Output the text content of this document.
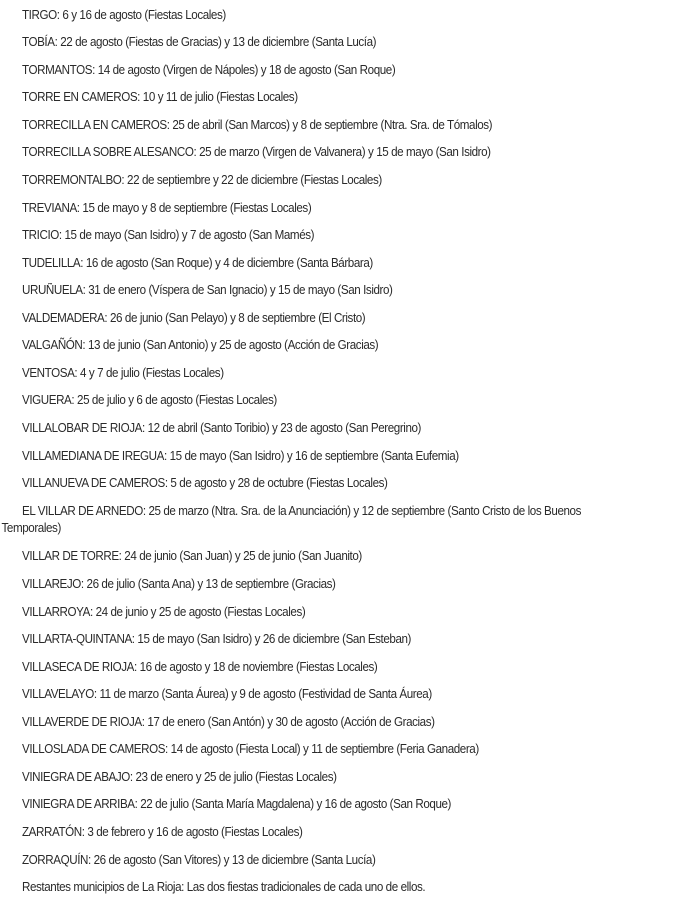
TIRGO: 6 y 16 de agosto (Fiestas Locales)
TOBÍA: 22 de agosto (Fiestas de Gracias) y 13 de diciembre (Santa Lucía)
TORMANTOS: 14 de agosto (Virgen de Nápoles) y 18 de agosto (San Roque)
TORRE EN CAMEROS: 10 y 11 de julio (Fiestas Locales)
TORRECILLA EN CAMEROS: 25 de abril (San Marcos) y 8 de septiembre (Ntra. Sra. de Tómalos)
TORRECILLA SOBRE ALESANCO: 25 de marzo (Virgen de Valvanera) y 15 de mayo (San Isidro)
TORREMONTALBO: 22 de septiembre y 22 de diciembre (Fiestas Locales)
TREVIANA: 15 de mayo y 8 de septiembre (Fiestas Locales)
TRICIO: 15 de mayo (San Isidro) y 7 de agosto (San Mamés)
TUDELILLA: 16 de agosto (San Roque) y 4 de diciembre (Santa Bárbara)
URUÑUELA: 31 de enero (Víspera de San Ignacio) y 15 de mayo (San Isidro)
VALDEMADERA: 26 de junio (San Pelayo) y 8 de septiembre (El Cristo)
VALGAÑÓN: 13 de junio (San Antonio) y 25 de agosto (Acción de Gracias)
VENTOSA: 4 y 7 de julio (Fiestas Locales)
VIGUERA: 25 de julio y 6 de agosto (Fiestas Locales)
VILLALOBAR DE RIOJA: 12 de abril (Santo Toribio) y 23 de agosto (San Peregrino)
VILLAMEDIANA DE IREGUA: 15 de mayo (San Isidro) y 16 de septiembre (Santa Eufemia)
VILLANUEVA DE CAMEROS: 5 de agosto y 28 de octubre (Fiestas Locales)
EL VILLAR DE ARNEDO: 25 de marzo (Ntra. Sra. de la Anunciación) y 12 de septiembre (Santo Cristo de los Buenos
Temporales)
VILLAR DE TORRE: 24 de junio (San Juan) y 25 de junio (San Juanito)
VILLAREJO: 26 de julio (Santa Ana) y 13 de septiembre (Gracias)
VILLARROYA: 24 de junio y 25 de agosto (Fiestas Locales)
VILLARTA-QUINTANA: 15 de mayo (San Isidro) y 26 de diciembre (San Esteban)
VILLASECA DE RIOJA: 16 de agosto y 18 de noviembre (Fiestas Locales)
VILLAVELAYO: 11 de marzo (Santa Áurea) y 9 de agosto (Festividad de Santa Áurea)
VILLAVERDE DE RIOJA: 17 de enero (San Antón) y 30 de agosto (Acción de Gracias)
VILLOSLADA DE CAMEROS: 14 de agosto (Fiesta Local) y 11 de septiembre (Feria Ganadera)
VINIEGRA DE ABAJO: 23 de enero y 25 de julio (Fiestas Locales)
VINIEGRA DE ARRIBA: 22 de julio (Santa María Magdalena) y 16 de agosto (San Roque)
ZARRATÓN: 3 de febrero y 16 de agosto (Fiestas Locales)
ZORRAQUÍN: 26 de agosto (San Vitores) y 13 de diciembre (Santa Lucía)
Restantes municipios de La Rioja: Las dos fiestas tradicionales de cada uno de ellos.
